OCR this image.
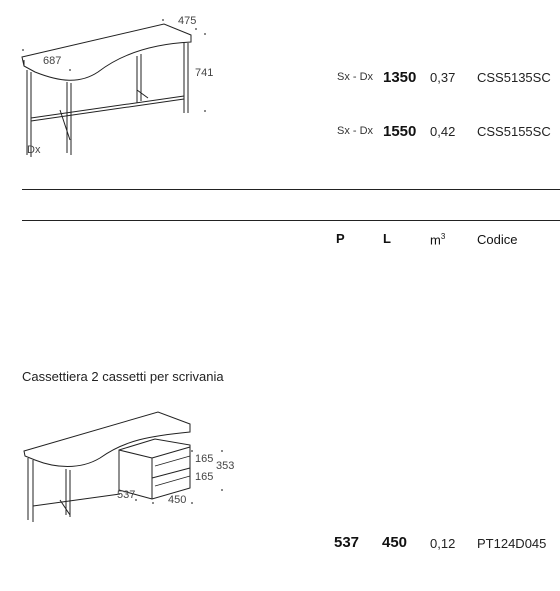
475
687
741
Dx
Sx - Dx 1350 0,37 CSS5135SC
Sx - Dx 1550 0,42 CSS5155SC
P	L	$m^3$ Codice
Cassettiera 2 cassetti per scrivania
165
353
165
537	450
537 450 0,12 PT124D045
